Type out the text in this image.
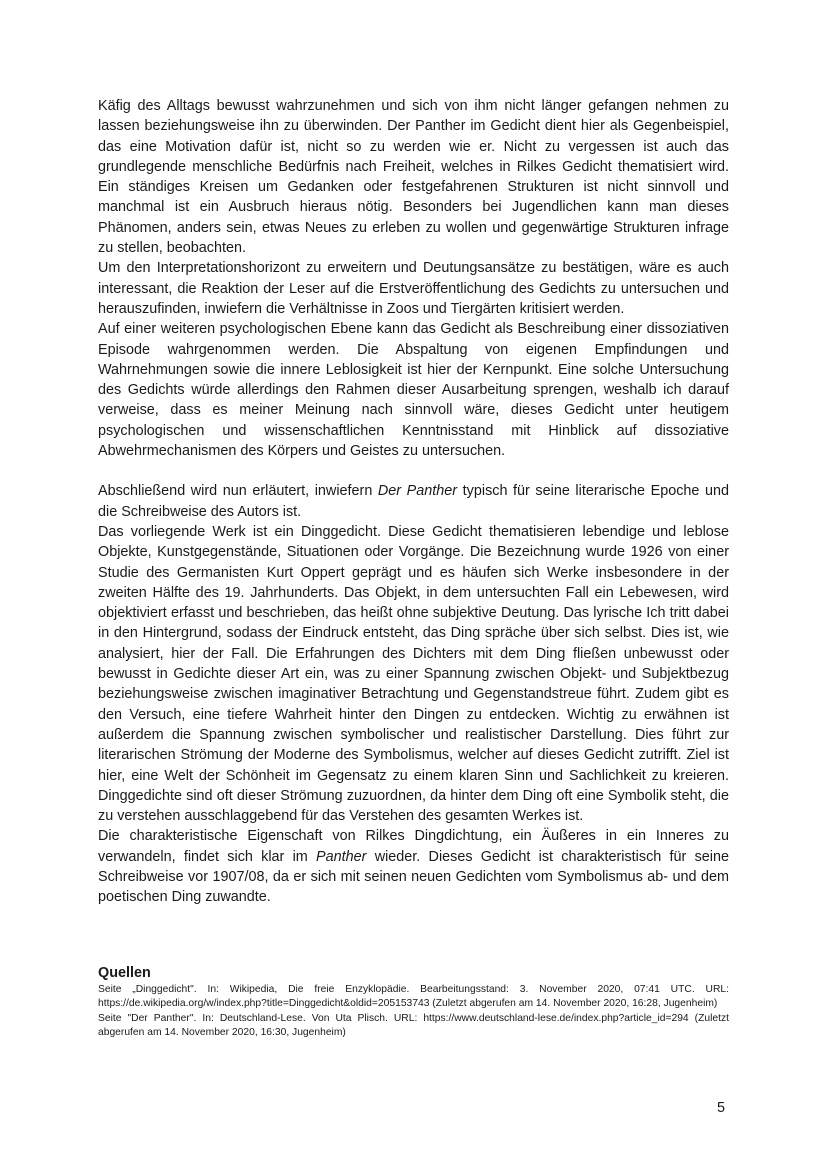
Käfig des Alltags bewusst wahrzunehmen und sich von ihm nicht länger gefangen nehmen zu lassen beziehungsweise ihn zu überwinden. Der Panther im Gedicht dient hier als Gegenbeispiel, das eine Motivation dafür ist, nicht so zu werden wie er. Nicht zu vergessen ist auch das grundlegende menschliche Bedürfnis nach Freiheit, welches in Rilkes Gedicht thematisiert wird. Ein ständiges Kreisen um Gedanken oder festgefahrenen Strukturen ist nicht sinnvoll und manchmal ist ein Ausbruch hieraus nötig. Besonders bei Jugendlichen kann man dieses Phänomen, anders sein, etwas Neues zu erleben zu wollen und gegenwärtige Strukturen infrage zu stellen, beobachten.

Um den Interpretationshorizont zu erweitern und Deutungsansätze zu bestätigen, wäre es auch interessant, die Reaktion der Leser auf die Erstveröffentlichung des Gedichts zu untersuchen und herauszufinden, inwiefern die Verhältnisse in Zoos und Tiergärten kritisiert werden.

Auf einer weiteren psychologischen Ebene kann das Gedicht als Beschreibung einer dissoziativen Episode wahrgenommen werden. Die Abspaltung von eigenen Empfindungen und Wahrnehmungen sowie die innere Leblosigkeit ist hier der Kernpunkt. Eine solche Untersuchung des Gedichts würde allerdings den Rahmen dieser Ausarbeitung sprengen, weshalb ich darauf verweise, dass es meiner Meinung nach sinnvoll wäre, dieses Gedicht unter heutigem psychologischen und wissenschaftlichen Kenntnisstand mit Hinblick auf dissoziative Abwehrmechanismen des Körpers und Geistes zu untersuchen.

Abschließend wird nun erläutert, inwiefern Der Panther typisch für seine literarische Epoche und die Schreibweise des Autors ist.

Das vorliegende Werk ist ein Dinggedicht. Diese Gedicht thematisieren lebendige und leblose Objekte, Kunstgegenstände, Situationen oder Vorgänge. Die Bezeichnung wurde 1926 von einer Studie des Germanisten Kurt Oppert geprägt und es häufen sich Werke insbesondere in der zweiten Hälfte des 19. Jahrhunderts. Das Objekt, in dem untersuchten Fall ein Lebewesen, wird objektiviert erfasst und beschrieben, das heißt ohne subjektive Deutung. Das lyrische Ich tritt dabei in den Hintergrund, sodass der Eindruck entsteht, das Ding spräche über sich selbst. Dies ist, wie analysiert, hier der Fall. Die Erfahrungen des Dichters mit dem Ding fließen unbewusst oder bewusst in Gedichte dieser Art ein, was zu einer Spannung zwischen Objekt- und Subjektbezug beziehungsweise zwischen imaginativer Betrachtung und Gegenstandstreue führt. Zudem gibt es den Versuch, eine tiefere Wahrheit hinter den Dingen zu entdecken. Wichtig zu erwähnen ist außerdem die Spannung zwischen symbolischer und realistischer Darstellung. Dies führt zur literarischen Strömung der Moderne des Symbolismus, welcher auf dieses Gedicht zutrifft. Ziel ist hier, eine Welt der Schönheit im Gegensatz zu einem klaren Sinn und Sachlichkeit zu kreieren. Dinggedichte sind oft dieser Strömung zuzuordnen, da hinter dem Ding oft eine Symbolik steht, die zu verstehen ausschlaggebend für das Verstehen des gesamten Werkes ist.

Die charakteristische Eigenschaft von Rilkes Dingdichtung, ein Äußeres in ein Inneres zu verwandeln, findet sich klar im Panther wieder. Dieses Gedicht ist charakteristisch für seine Schreibweise vor 1907/08, da er sich mit seinen neuen Gedichten vom Symbolismus ab- und dem poetischen Ding zuwandte.

Quellen

Seite „Dinggedicht". In: Wikipedia, Die freie Enzyklopädie. Bearbeitungsstand: 3. November 2020, 07:41 UTC. URL: https://de.wikipedia.org/w/index.php?title=Dinggedicht&oldid=205153743 (Zuletzt abgerufen am 14. November 2020, 16:28, Jugenheim)

Seite "Der Panther". In: Deutschland-Lese. Von Uta Plisch. URL: https://www.deutschland-lese.de/index.php?article_id=294 (Zuletzt abgerufen am 14. November 2020, 16:30, Jugenheim)

5
